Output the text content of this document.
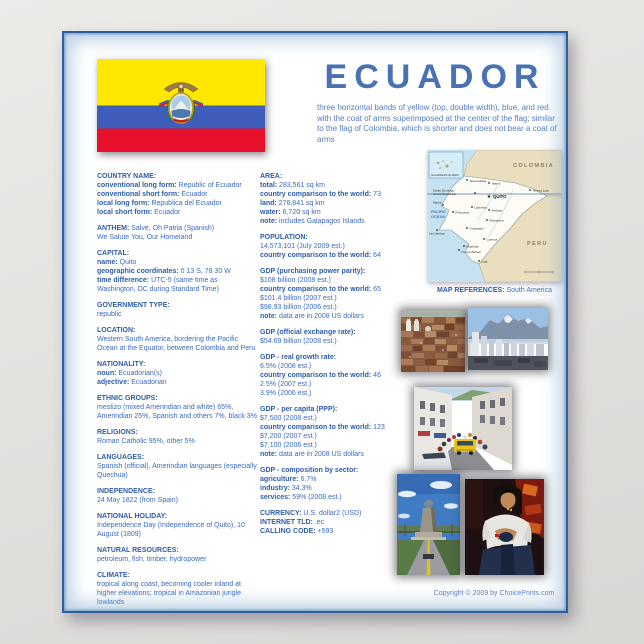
ECUADOR
three horizontal bands of yellow (top, double width), blue, and red with the coat of arms superimposed at the center of the flag; similar to the flag of Colombia, which is shorter and does not bear a coat of arms
COUNTRY NAME:
conventional long form: Republic of Ecuador
conventional short form: Ecuador
local long form: Republica del Ecuador
local short form: Ecuador
ANTHEM: Salve, Oh Patria (Spanish)
We Salute You, Our Homeland
CAPITAL:
name: Quito
geographic coordinates: 0 13 S, 78 30 W
time difference: UTC-5 (same time as Washington, DC during Standard Time)
GOVERNMENT TYPE:
republic
LOCATION:
Western South America, bordering the Pacific Ocean at the Equator, between Colombia and Peru
NATIONALITY:
noun: Ecuadorian(s)
adjective: Ecuadorian
ETHNIC GROUPS:
mestizo (mixed Amerindian and white) 65%, Amerindian 25%, Spanish and others 7%, black 3%
RELIGIONS:
Roman Catholic 95%, other 5%
LANGUAGES:
Spanish (official), Amerindian languages (especially Quechua)
INDEPENDENCE:
24 May 1822 (from Spain)
NATIONAL HOLIDAY:
Independence Day (Independence of Quito), 10 August (1809)
NATURAL RESOURCES:
petroleum, fish, timber, hydropower
CLIMATE:
tropical along coast, becoming cooler inland at higher elevations; tropical in Amazonian jungle lowlands
AREA:
total: 283,561 sq km
country comparison to the world: 73
land: 276,841 sq km
water: 6,720 sq km
note: includes Galapagos Islands
POPULATION:
14,573,101 (July 2009 est.)
country comparison to the world: 64
GDP (purchasing power parity):
$108 billion (2008 est.)
country comparison to the world: 65
$101.4 billion (2007 est.)
$98.93 billion (2006 est.)
note: data are in 2008 US dollars
GDP (official exchange rate):
$54.69 billion (2008 est.)
GDP - real growth rate:
6.5% (2008 est.)
country comparison to the world: 46
2.5% (2007 est.)
3.9% (2006 est.)
GDP - per capita (PPP):
$7,500 (2008 est.)
country comparison to the world: 123
$7,200 (2007 est.)
$7,100 (2006 est.)
note: data are in 2008 US dollars
GDP - composition by sector:
agriculture: 6.7%
industry: 34.3%
services: 59% (2008 est.)
CURRENCY: U.S. dollar2 (USD)
INTERNET TLD: .ec
CALLING CODE: +593
COLOMBIA
PERU
PACIFIC
OCEAN
★ QUITO
GALAPAGOS ISLANDS
Esmeraldas
Ibarra
Nueva Loja
Santo Domingo
de los Colorados
Manta
Quevedo
Portoviejo	Ambato
Riobamba
Guayaquil
La Libertad
Cuenca
Machala
Puerto Bolivar
Loja
MAP REFERENCES: South America
Copyright © 2009 by ChoicePrints.com
